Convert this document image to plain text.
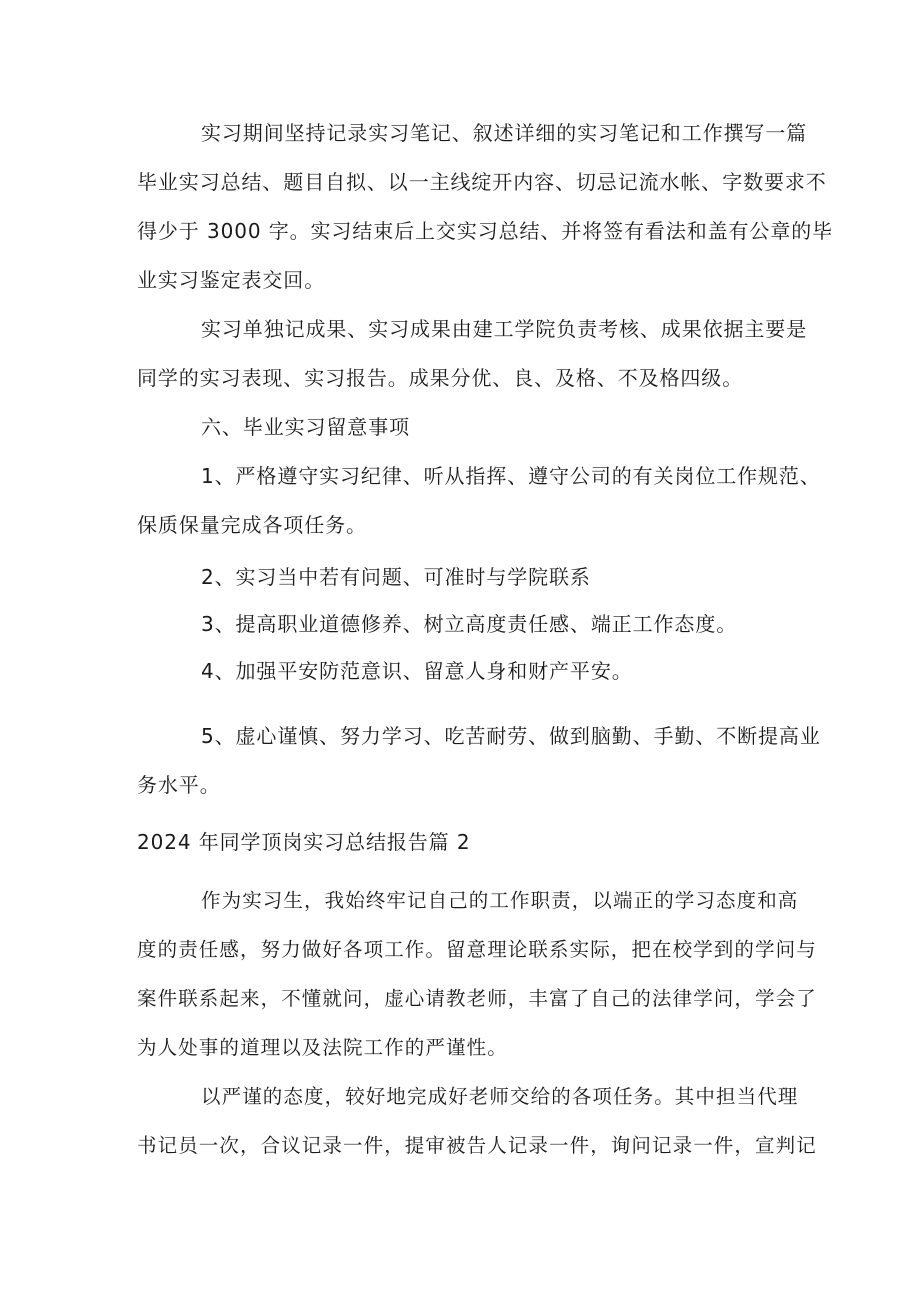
实习期间坚持记录实习笔记、叙述详细的实习笔记和工作撰写一篇
毕业实习总结、题目自拟、以一主线绽开内容、切忌记流水帐、字数要求不
得少于 3000 字。实习结束后上交实习总结、并将签有看法和盖有公章的毕
业实习鉴定表交回。
实习单独记成果、实习成果由建工学院负责考核、成果依据主要是
同学的实习表现、实习报告。成果分优、良、及格、不及格四级。
六、毕业实习留意事项
1、严格遵守实习纪律、听从指挥、遵守公司的有关岗位工作规范、
保质保量完成各项任务。
2、实习当中若有问题、可准时与学院联系
3、提高职业道德修养、树立高度责任感、端正工作态度。
4、加强平安防范意识、留意人身和财产平安。
5、虚心谨慎、努力学习、吃苦耐劳、做到脑勤、手勤、不断提高业
务水平。
2024 年同学顶岗实习总结报告篇 2
作为实习生，我始终牢记自己的工作职责，以端正的学习态度和高
度的责任感，努力做好各项工作。留意理论联系实际，把在校学到的学问与
案件联系起来，不懂就问，虚心请教老师，丰富了自己的法律学问，学会了
为人处事的道理以及法院工作的严谨性。
以严谨的态度，较好地完成好老师交给的各项任务。其中担当代理
书记员一次，合议记录一件，提审被告人记录一件，询问记录一件，宣判记
